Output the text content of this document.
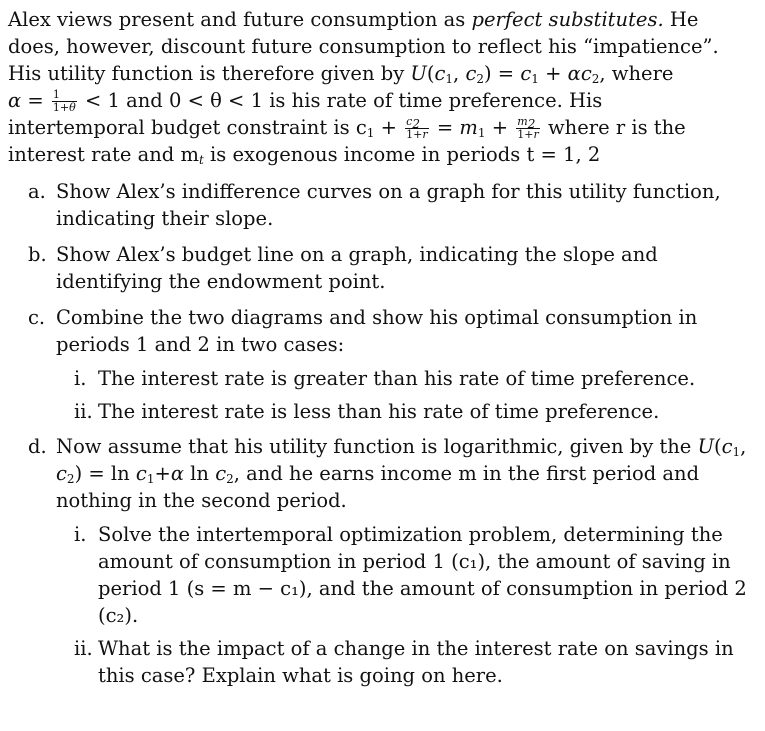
Alex views present and future consumption as perfect substitutes. He
does, however, discount future consumption to reflect his “impatience”.
His utility function is therefore given by $U(c_1$, $c_2) = c_1 + \alpha c_2$, where
$\alpha = \frac{1}{1+\theta} < 1$ and 0 < θ < 1 is his rate of time preference. His
intertemporal budget constraint is $c_1 + \frac{c_2}{1+r} = m_1 + \frac{m_2}{1+r}$ where r is the
interest rate and $m_t$ is exogenous income in periods t = 1, 2
a. Show Alex’s indifference curves on a graph for this utility function, indicating their slope.
b. Show Alex’s budget line on a graph, indicating the slope and identifying the endowment point.
c. Combine the two diagrams and show his optimal consumption in periods 1 and 2 in two cases:
i. The interest rate is greater than his rate of time preference.
ii. The interest rate is less than his rate of time preference.
d. Now assume that his utility function is logarithmic, given by the $U(c_1$, $c_2) = \ln c_1+\alpha$ $\ln c_2$, and he earns income m in the first period and nothing in the second period.
i. Solve the intertemporal optimization problem, determining the amount of consumption in period 1 (c₁), the amount of saving in period 1 (s = m − c₁), and the amount of consumption in period 2 (c₂).
ii. What is the impact of a change in the interest rate on savings in this case? Explain what is going on here.
